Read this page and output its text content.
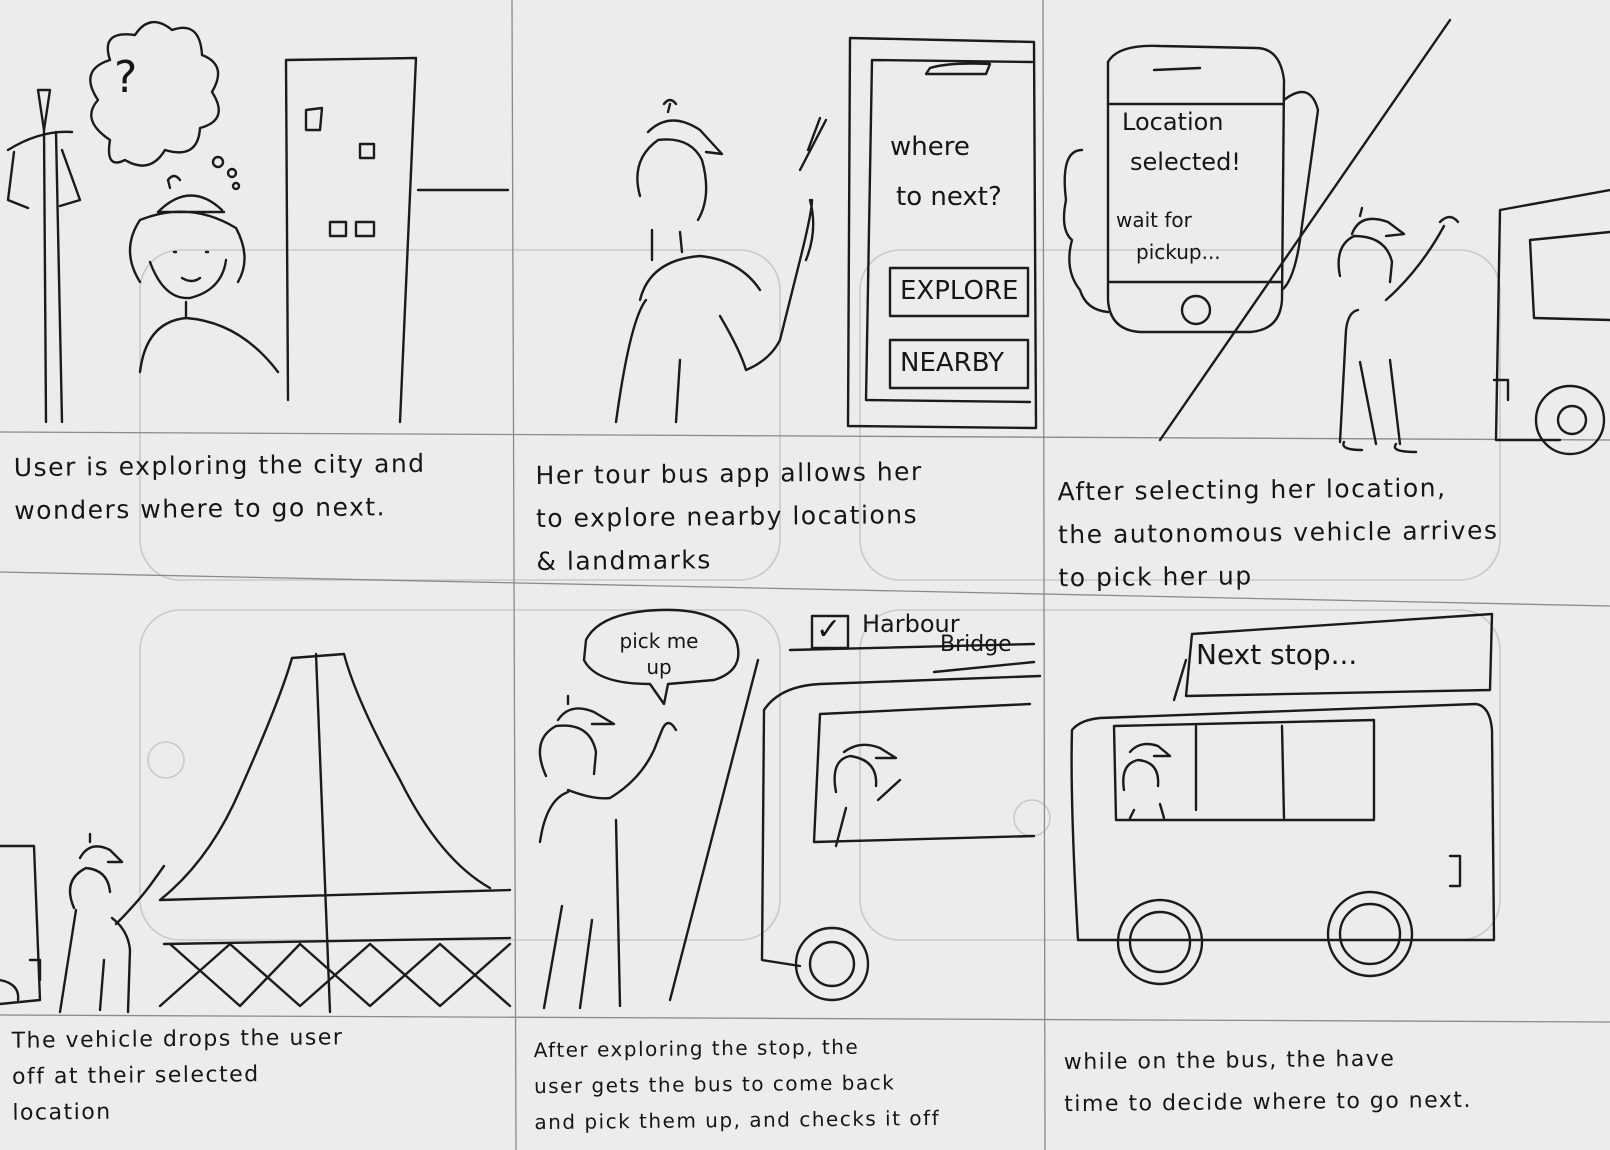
?
where
to next?
EXPLORE
NEARBY
Location
selected!
wait for
pickup...
pick me up
✓ Harbour
Bridge	Next stop...
User is exploring the city and
wonders where to go next.
Her tour bus app allows her
to explore nearby locations
& landmarks
After selecting her location,
the autonomous vehicle arrives
to pick her up
The vehicle drops the user
off at their selected
location
After exploring the stop, the
user gets the bus to come back
and pick them up, and checks it off
while on the bus, the have
time to decide where to go next.
